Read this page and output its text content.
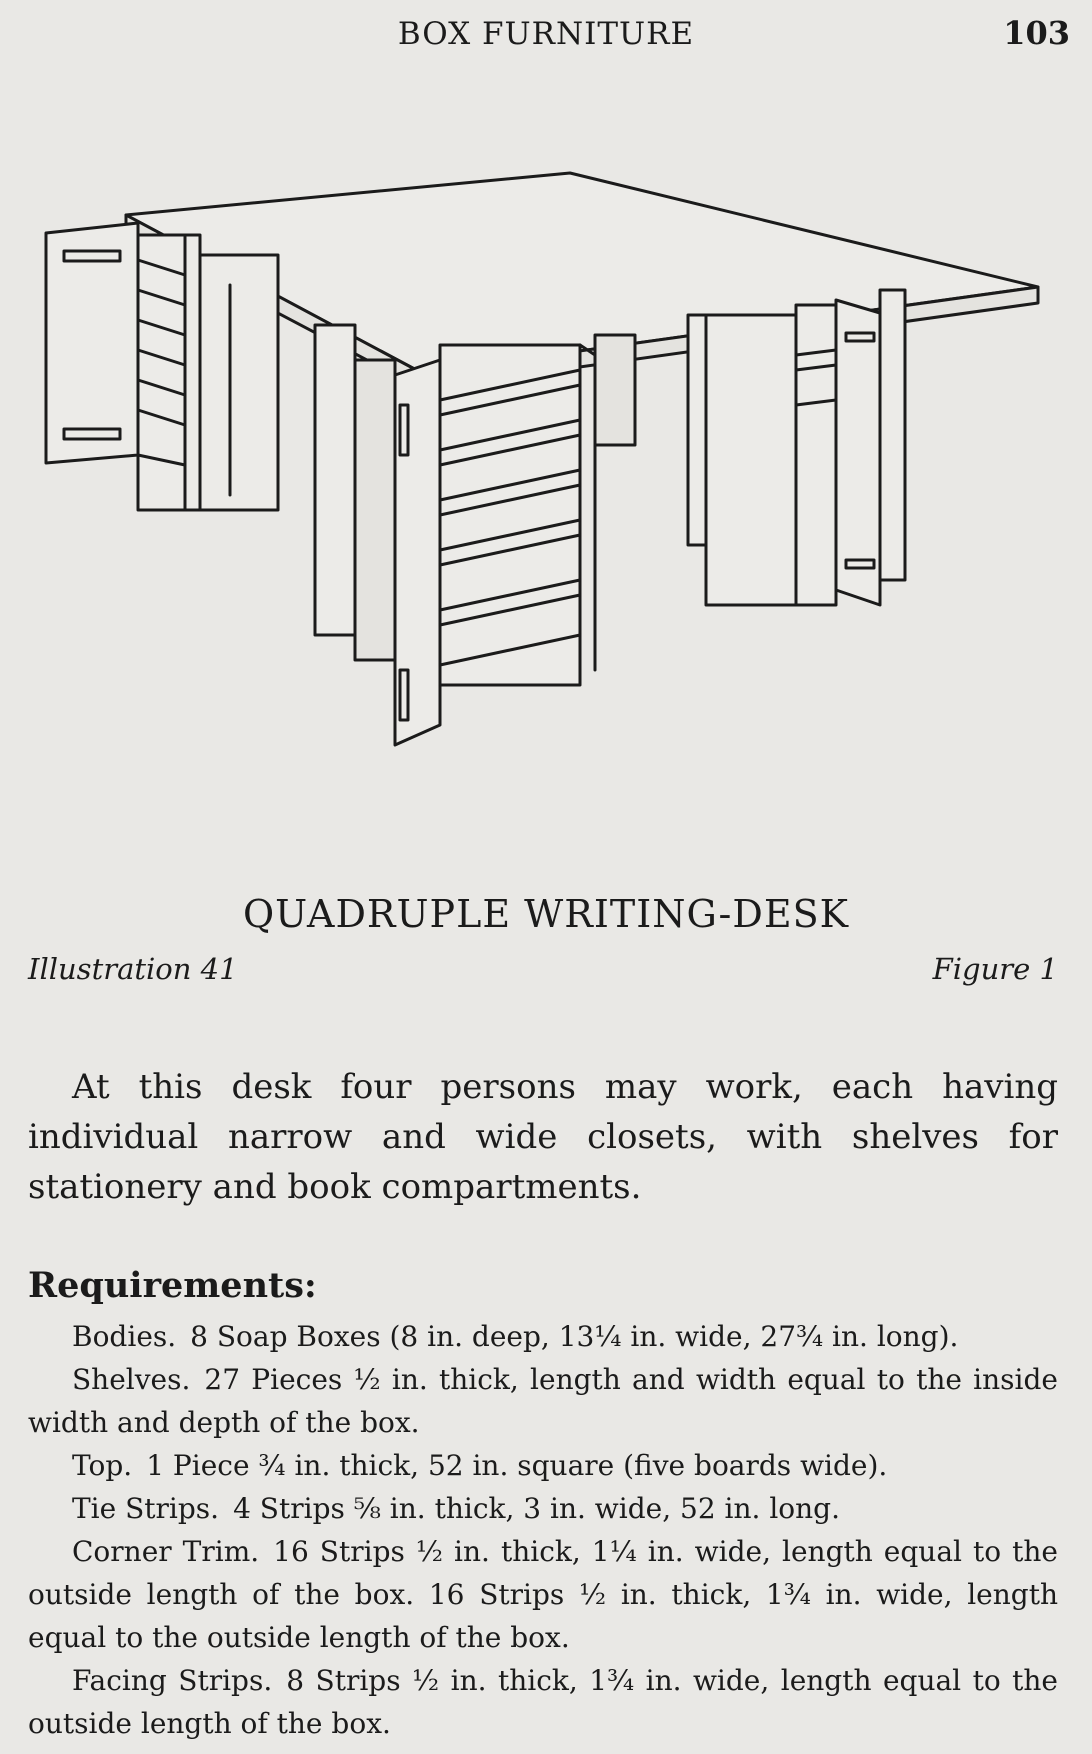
BOX FURNITURE	103
QUADRUPLE WRITING-DESK
Illustration 41	Figure 1

At this desk four persons may work, each having individual narrow and wide closets, with shelves for stationery and book compartments.

Requirements:

Bodies. 8 Soap Boxes (8 in. deep, 13¼ in. wide, 27¾ in. long).

Shelves. 27 Pieces ½ in. thick, length and width equal to the inside width and depth of the box.

Top. 1 Piece ¾ in. thick, 52 in. square (five boards wide).

Tie Strips. 4 Strips ⅝ in. thick, 3 in. wide, 52 in. long.

Corner Trim. 16 Strips ½ in. thick, 1¼ in. wide, length equal to the outside length of the box. 16 Strips ½ in. thick, 1¾ in. wide, length equal to the outside length of the box.

Facing Strips. 8 Strips ½ in. thick, 1¾ in. wide, length equal to the outside length of the box.
